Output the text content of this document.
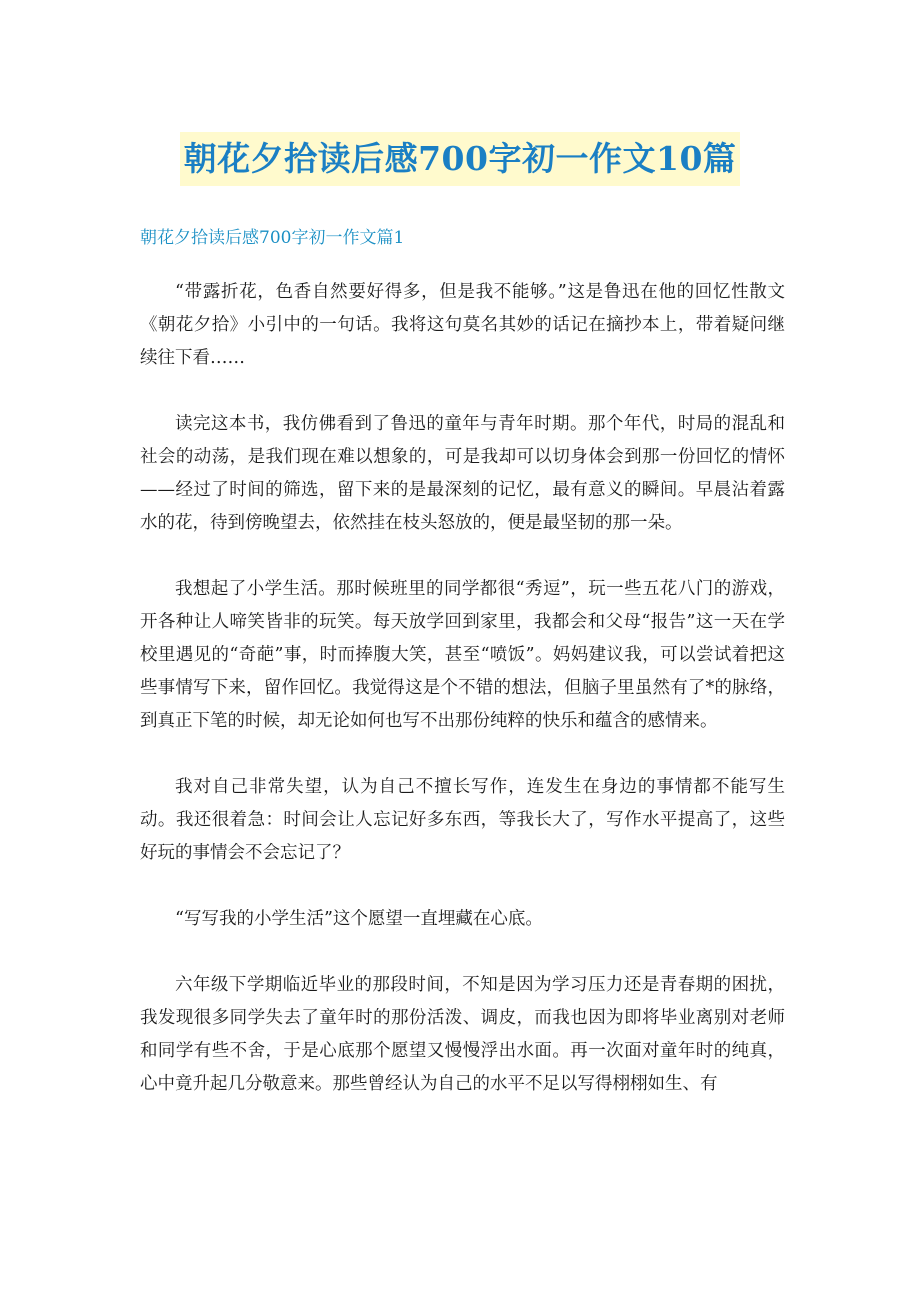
朝花夕拾读后感700字初一作文10篇
朝花夕拾读后感700字初一作文篇1

“带露折花，色香自然要好得多，但是我不能够。”这是鲁迅在他的回忆性散文《朝花夕拾》小引中的一句话。我将这句莫名其妙的话记在摘抄本上，带着疑问继续往下看……

读完这本书，我仿佛看到了鲁迅的童年与青年时期。那个年代，时局的混乱和社会的动荡，是我们现在难以想象的，可是我却可以切身体会到那一份回忆的情怀——经过了时间的筛选，留下来的是最深刻的记忆，最有意义的瞬间。早晨沾着露水的花，待到傍晚望去，依然挂在枝头怒放的，便是最坚韧的那一朵。

我想起了小学生活。那时候班里的同学都很“秀逗”，玩一些五花八门的游戏，开各种让人啼笑皆非的玩笑。每天放学回到家里，我都会和父母“报告”这一天在学校里遇见的“奇葩”事，时而捧腹大笑，甚至“喷饭”。妈妈建议我，可以尝试着把这些事情写下来，留作回忆。我觉得这是个不错的想法，但脑子里虽然有了*的脉络，到真正下笔的时候，却无论如何也写不出那份纯粹的快乐和蕴含的感情来。

我对自己非常失望，认为自己不擅长写作，连发生在身边的事情都不能写生动。我还很着急：时间会让人忘记好多东西，等我长大了，写作水平提高了，这些好玩的事情会不会忘记了？

“写写我的小学生活”这个愿望一直埋藏在心底。

六年级下学期临近毕业的那段时间，不知是因为学习压力还是青春期的困扰，我发现很多同学失去了童年时的那份活泼、调皮，而我也因为即将毕业离别对老师和同学有些不舍，于是心底那个愿望又慢慢浮出水面。再一次面对童年时的纯真，心中竟升起几分敬意来。那些曾经认为自己的水平不足以写得栩栩如生、有
